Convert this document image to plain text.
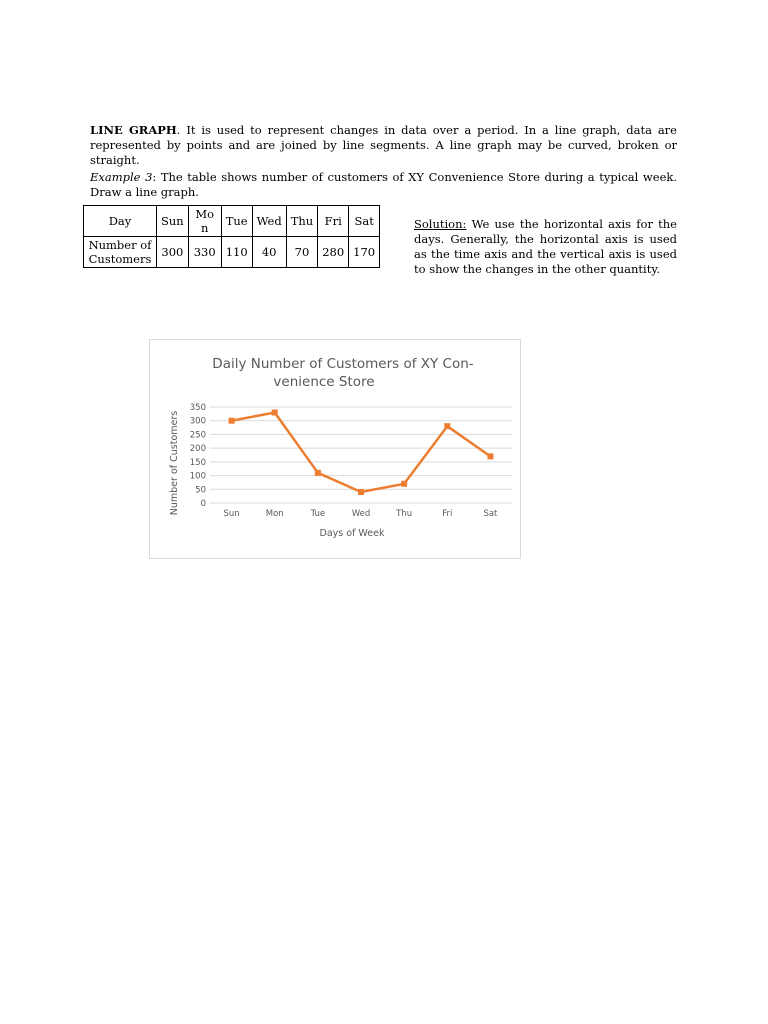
LINE GRAPH. It is used to represent changes in data over a period. In a line graph, data are represented by points and are joined by line segments. A line graph may be curved, broken or straight.
Example 3: The table shows number of customers of XY Convenience Store during a typical week. Draw a line graph.
Day	Sun	Mon	Tue	Wed	Thu	Fri	Sat
Number of Customers	300	330	110	40	70	280	170
Solution: We use the horizontal axis for the days. Generally, the horizontal axis is used as the time axis and the vertical axis is used to show the changes in the other quantity.
Daily Number of Customers of XY Con-
venience Store
0
50
100
150
200
250
300
350
Sun	Mon	Tue	Wed	Thu	Fri	Sat
Days of Week
Number of Customers
